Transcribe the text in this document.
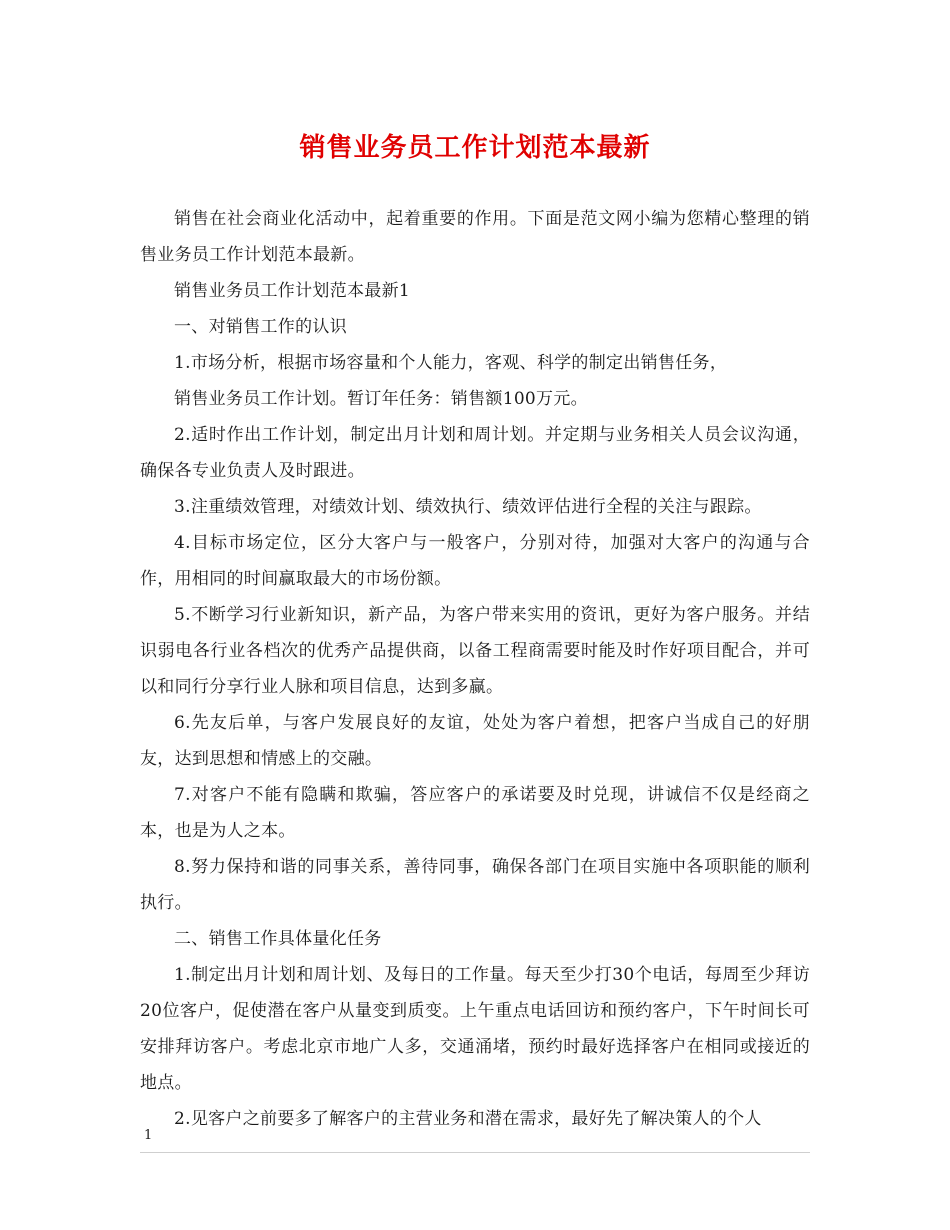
销售业务员工作计划范本最新

销售在社会商业化活动中，起着重要的作用。下面是范文网小编为您精心整理的销售业务员工作计划范本最新。

销售业务员工作计划范本最新1

一、对销售工作的认识

1.市场分析，根据市场容量和个人能力，客观、科学的制定出销售任务，

销售业务员工作计划。暂订年任务：销售额100万元。

2.适时作出工作计划，制定出月计划和周计划。并定期与业务相关人员会议沟通，确保各专业负责人及时跟进。

3.注重绩效管理，对绩效计划、绩效执行、绩效评估进行全程的关注与跟踪。

4.目标市场定位，区分大客户与一般客户，分别对待，加强对大客户的沟通与合作，用相同的时间赢取最大的市场份额。

5.不断学习行业新知识，新产品，为客户带来实用的资讯，更好为客户服务。并结识弱电各行业各档次的优秀产品提供商，以备工程商需要时能及时作好项目配合，并可以和同行分享行业人脉和项目信息，达到多赢。

6.先友后单，与客户发展良好的友谊，处处为客户着想，把客户当成自己的好朋友，达到思想和情感上的交融。

7.对客户不能有隐瞒和欺骗，答应客户的承诺要及时兑现，讲诚信不仅是经商之本，也是为人之本。

8.努力保持和谐的同事关系，善待同事，确保各部门在项目实施中各项职能的顺利执行。

二、销售工作具体量化任务

1.制定出月计划和周计划、及每日的工作量。每天至少打30个电话，每周至少拜访20位客户，促使潜在客户从量变到质变。上午重点电话回访和预约客户，下午时间长可安排拜访客户。考虑北京市地广人多，交通涌堵，预约时最好选择客户在相同或接近的地点。

2.见客户之前要多了解客户的主营业务和潜在需求，最好先了解决策人的个人

1
